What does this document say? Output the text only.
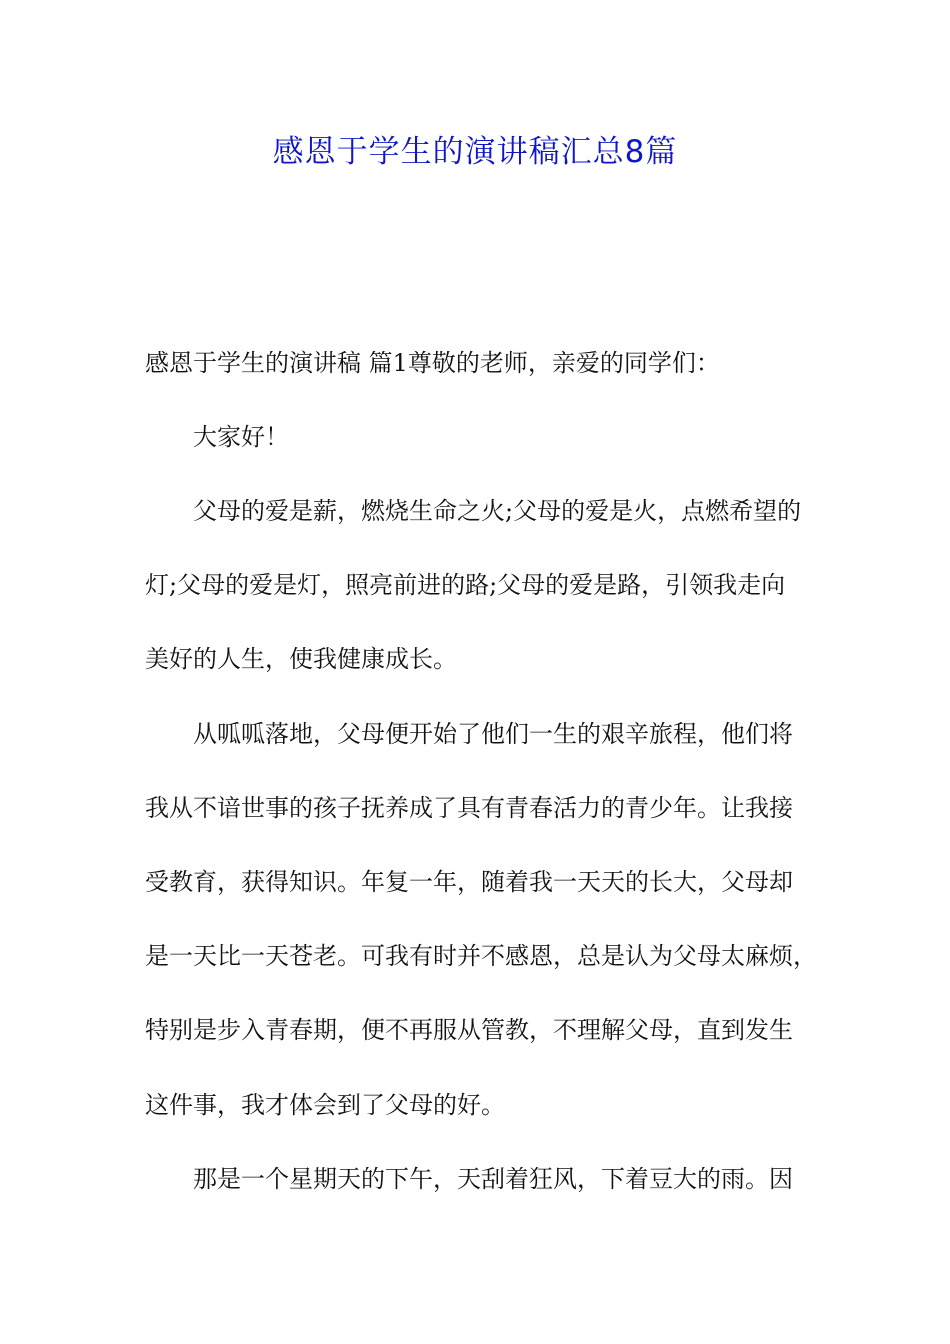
感恩于学生的演讲稿汇总8篇
感恩于学生的演讲稿 篇1尊敬的老师，亲爱的同学们：
大家好！
父母的爱是薪，燃烧生命之火;父母的爱是火，点燃希望的
灯;父母的爱是灯，照亮前进的路;父母的爱是路，引领我走向
美好的人生，使我健康成长。
从呱呱落地，父母便开始了他们一生的艰辛旅程，他们将
我从不谙世事的孩子抚养成了具有青春活力的青少年。让我接
受教育，获得知识。年复一年，随着我一天天的长大，父母却
是一天比一天苍老。可我有时并不感恩，总是认为父母太麻烦，
特别是步入青春期，便不再服从管教，不理解父母，直到发生
这件事，我才体会到了父母的好。
那是一个星期天的下午，天刮着狂风，下着豆大的雨。因
